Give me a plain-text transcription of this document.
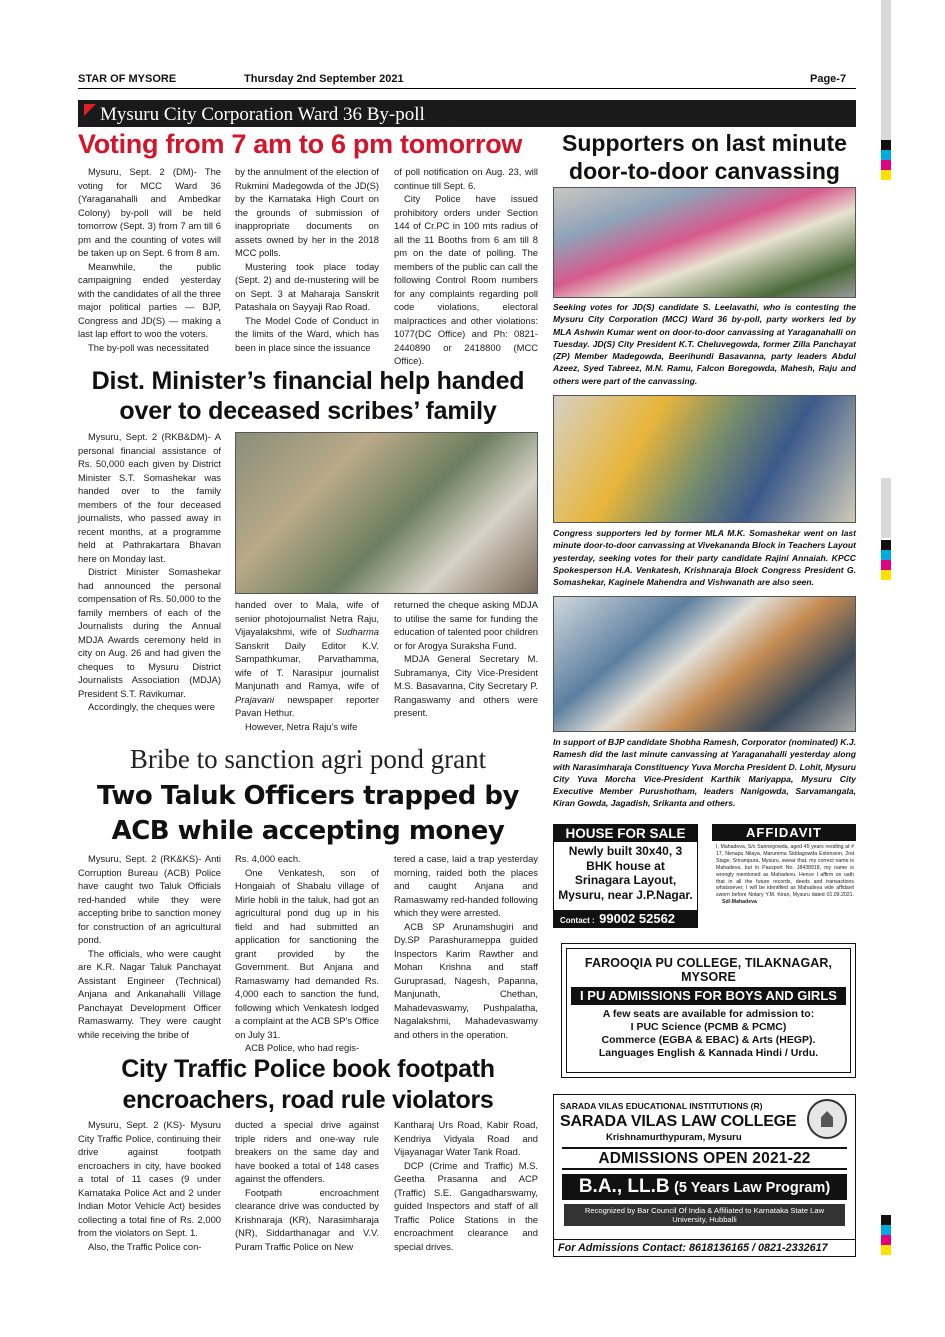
STAR OF MYSORE	Thursday 2nd September 2021	Page-7
Mysuru City Corporation Ward 36 By-poll
Voting from 7 am to 6 pm tomorrow

Mysuru, Sept. 2 (DM)- The voting for MCC Ward 36 (Yaraganahalli and Ambedkar Colony) by-poll will be held tomorrow (Sept. 3) from 7 am till 6 pm and the counting of votes will be taken up on Sept. 6 from 8 am.

Meanwhile, the public campaigning ended yesterday with the candidates of all the three major political parties — BJP, Congress and JD(S) — making a last lap effort to woo the voters.

The by-poll was necessitated

by the annulment of the election of Rukmini Madegowda of the JD(S) by the Karnataka High Court on the grounds of submission of inappropriate documents on assets owned by her in the 2018 MCC polls.

Mustering took place today (Sept. 2) and de-mustering will be on Sept. 3 at Maharaja Sanskrit Patashala on Sayyaji Rao Road.

The Model Code of Conduct in the limits of the Ward, which has been in place since the issuance

of poll notification on Aug. 23, will continue till Sept. 6.

City Police have issued prohibitory orders under Section 144 of Cr.PC in 100 mts radius of all the 11 Booths from 6 am till 8 pm on the date of polling. The members of the public can call the following Control Room numbers for any complaints regarding poll code violations, electoral malpractices and other violations: 1077(DC Office) and Ph: 0821-2440890 or 2418800 (MCC Office).

Dist. Minister’s financial help handed
over to deceased scribes’ family

Mysuru, Sept. 2 (RKB&DM)- A personal financial assistance of Rs. 50,000 each given by District Minister S.T. Somashekar was handed over to the family members of the four deceased journalists, who passed away in recent months, at a programme held at Pathrakartara Bhavan here on Monday last.

District Minister Somashekar had announced the personal compensation of Rs. 50,000 to the family members of each of the Journalists during the Annual MDJA Awards ceremony held in city on Aug. 26 and had given the cheques to Mysuru District Journalists Association (MDJA) President S.T. Ravikumar.

Accordingly, the cheques were

handed over to Mala, wife of senior photojournalist Netra Raju, Vijayalakshmi, wife of Sudharma Sanskrit Daily Editor K.V. Sampathkumar, Parvathamma, wife of T. Narasipur journalist Manjunath and Ramya, wife of Prajavani newspaper reporter Pavan Hethur.

However, Netra Raju’s wife

returned the cheque asking MDJA to utilise the same for funding the education of talented poor children or for Arogya Suraksha Fund.

MDJA General Secretary M. Subramanya, City Vice-President M.S. Basavanna, City Secretary P. Rangaswamy and others were present.

Bribe to sanction agri pond grant
Two Taluk Officers trapped by
ACB while accepting money

Mysuru, Sept. 2 (RK&KS)- Anti Corruption Bureau (ACB) Police have caught two Taluk Officials red-handed while they were accepting bribe to sanction money for construction of an agricultural pond.

The officials, who were caught are K.R. Nagar Taluk Panchayat Assistant Engineer (Technical) Anjana and Ankanahalli Village Panchayat Development Officer Ramaswamy. They were caught while receiving the bribe of

Rs. 4,000 each.

One Venkatesh, son of Hongaiah of Shabalu village of Mirle hobli in the taluk, had got an agricultural pond dug up in his field and had submitted an application for sanctioning the grant provided by the Government. But Anjana and Ramaswamy had demanded Rs. 4,000 each to sanction the fund, following which Venkatesh lodged a complaint at the ACB SP’s Office on July 31.

ACB Police, who had regis-

tered a case, laid a trap yesterday morning, raided both the places and caught Anjana and Ramaswamy red-handed following which they were arrested.

ACB SP Arunamshugiri and Dy.SP Parashurameppa guided Inspectors Karim Rawther and Mohan Krishna and staff Guruprasad, Nagesh, Papanna, Manjunath, Chethan, Mahadevaswamy, Pushpalatha, Nagalakshmi, Mahadevaswamy and others in the operation.

City Traffic Police book footpath
encroachers, road rule violators

Mysuru, Sept. 2 (KS)- Mysuru City Traffic Police, continuing their drive against footpath encroachers in city, have booked a total of 11 cases (9 under Karnataka Police Act and 2 under Indian Motor Vehicle Act) besides collecting a total fine of Rs. 2,000 from the violators on Sept. 1.

Also, the Traffic Police con-

ducted a special drive against triple riders and one-way rule breakers on the same day and have booked a total of 148 cases against the offenders.

Footpath encroachment clearance drive was conducted by Krishnaraja (KR), Narasimharaja (NR), Siddarthanagar and V.V. Puram Traffic Police on New

Kantharaj Urs Road, Kabir Road, Kendriya Vidyala Road and Vijayanagar Water Tank Road.

DCP (Crime and Traffic) M.S. Geetha Prasanna and ACP (Traffic) S.E. Gangadharswamy, guided Inspectors and staff of all Traffic Police Stations in the encroachment clearance and special drives.

Supporters on last minute
door-to-door canvassing
Seeking votes for JD(S) candidate S. Leelavathi, who is contesting the Mysuru City Corporation (MCC) Ward 36 by-poll, party workers led by MLA Ashwin Kumar went on door-to-door canvassing at Yaraganahalli on Tuesday. JD(S) City President K.T. Cheluvegowda, former Zilla Panchayat (ZP) Member Madegowda, Beerihundi Basavanna, party leaders Abdul Azeez, Syed Tabreez, M.N. Ramu, Falcon Boregowda, Mahesh, Raju and others were part of the canvassing.
Congress supporters led by former MLA M.K. Somashekar went on last minute door-to-door canvassing at Vivekananda Block in Teachers Layout yesterday, seeking votes for their party candidate Rajini Annaiah. KPCC Spokesperson H.A. Venkatesh, Krishnaraja Block Congress President G. Somashekar, Kaginele Mahendra and Vishwanath are also seen.
In support of BJP candidate Shobha Ramesh, Corporator (nominated) K.J. Ramesh did the last minute canvassing at Yaraganahalli yesterday along with Narasimharaja Constituency Yuva Morcha President D. Lohit, Mysuru City Yuva Morcha Vice-President Karthik Mariyappa, Mysuru City Executive Member Purushotham, leaders Nanigowda, Sarvamangala, Kiran Gowda, Jagadish, Srikanta and others.
HOUSE FOR SALE
Newly built 30x40, 3 BHK house at Srinagara Layout, Mysuru, near J.P.Nagar.
Contact : 99002 52562
AFFIDAVIT
I, Mahadeva, S/o Sannegowda, aged 45 years residing at # 17, Nenapu Nilaya, Marumma Siddagowda Extension, 2nd Stage, Srirampura, Mysuru, swear that, my correct name is Mahadeva, but in Passport No. J8438918, my name is wrongly mentioned as Mahadevu. Hence I affirm on oath that in all the future records, deeds and transactions whatsoever, I will be identified as Mahadeva vide affidavit sworn before Notary Y.M. Kiran, Mysuru dated 01.09.2021. Sd/-Mahadeva
FAROOQIA PU COLLEGE, TILAKNAGAR, MYSORE
I PU ADMISSIONS FOR BOYS AND GIRLS
A few seats are available for admission to:
I PUC Science (PCMB & PCMC)
Commerce (EGBA & EBAC) & Arts (HEGP).
Languages English & Kannada Hindi / Urdu.
SARADA VILAS EDUCATIONAL INSTITUTIONS (R)
SARADA VILAS LAW COLLEGE
Krishnamurthypuram, Mysuru
ADMISSIONS OPEN 2021-22
B.A., LL.B (5 Years Law Program)
Recognized by Bar Council Of India & Affiliated to Karnataka State Law University, Hubballi
For Admissions Contact: 8618136165 / 0821-2332617
